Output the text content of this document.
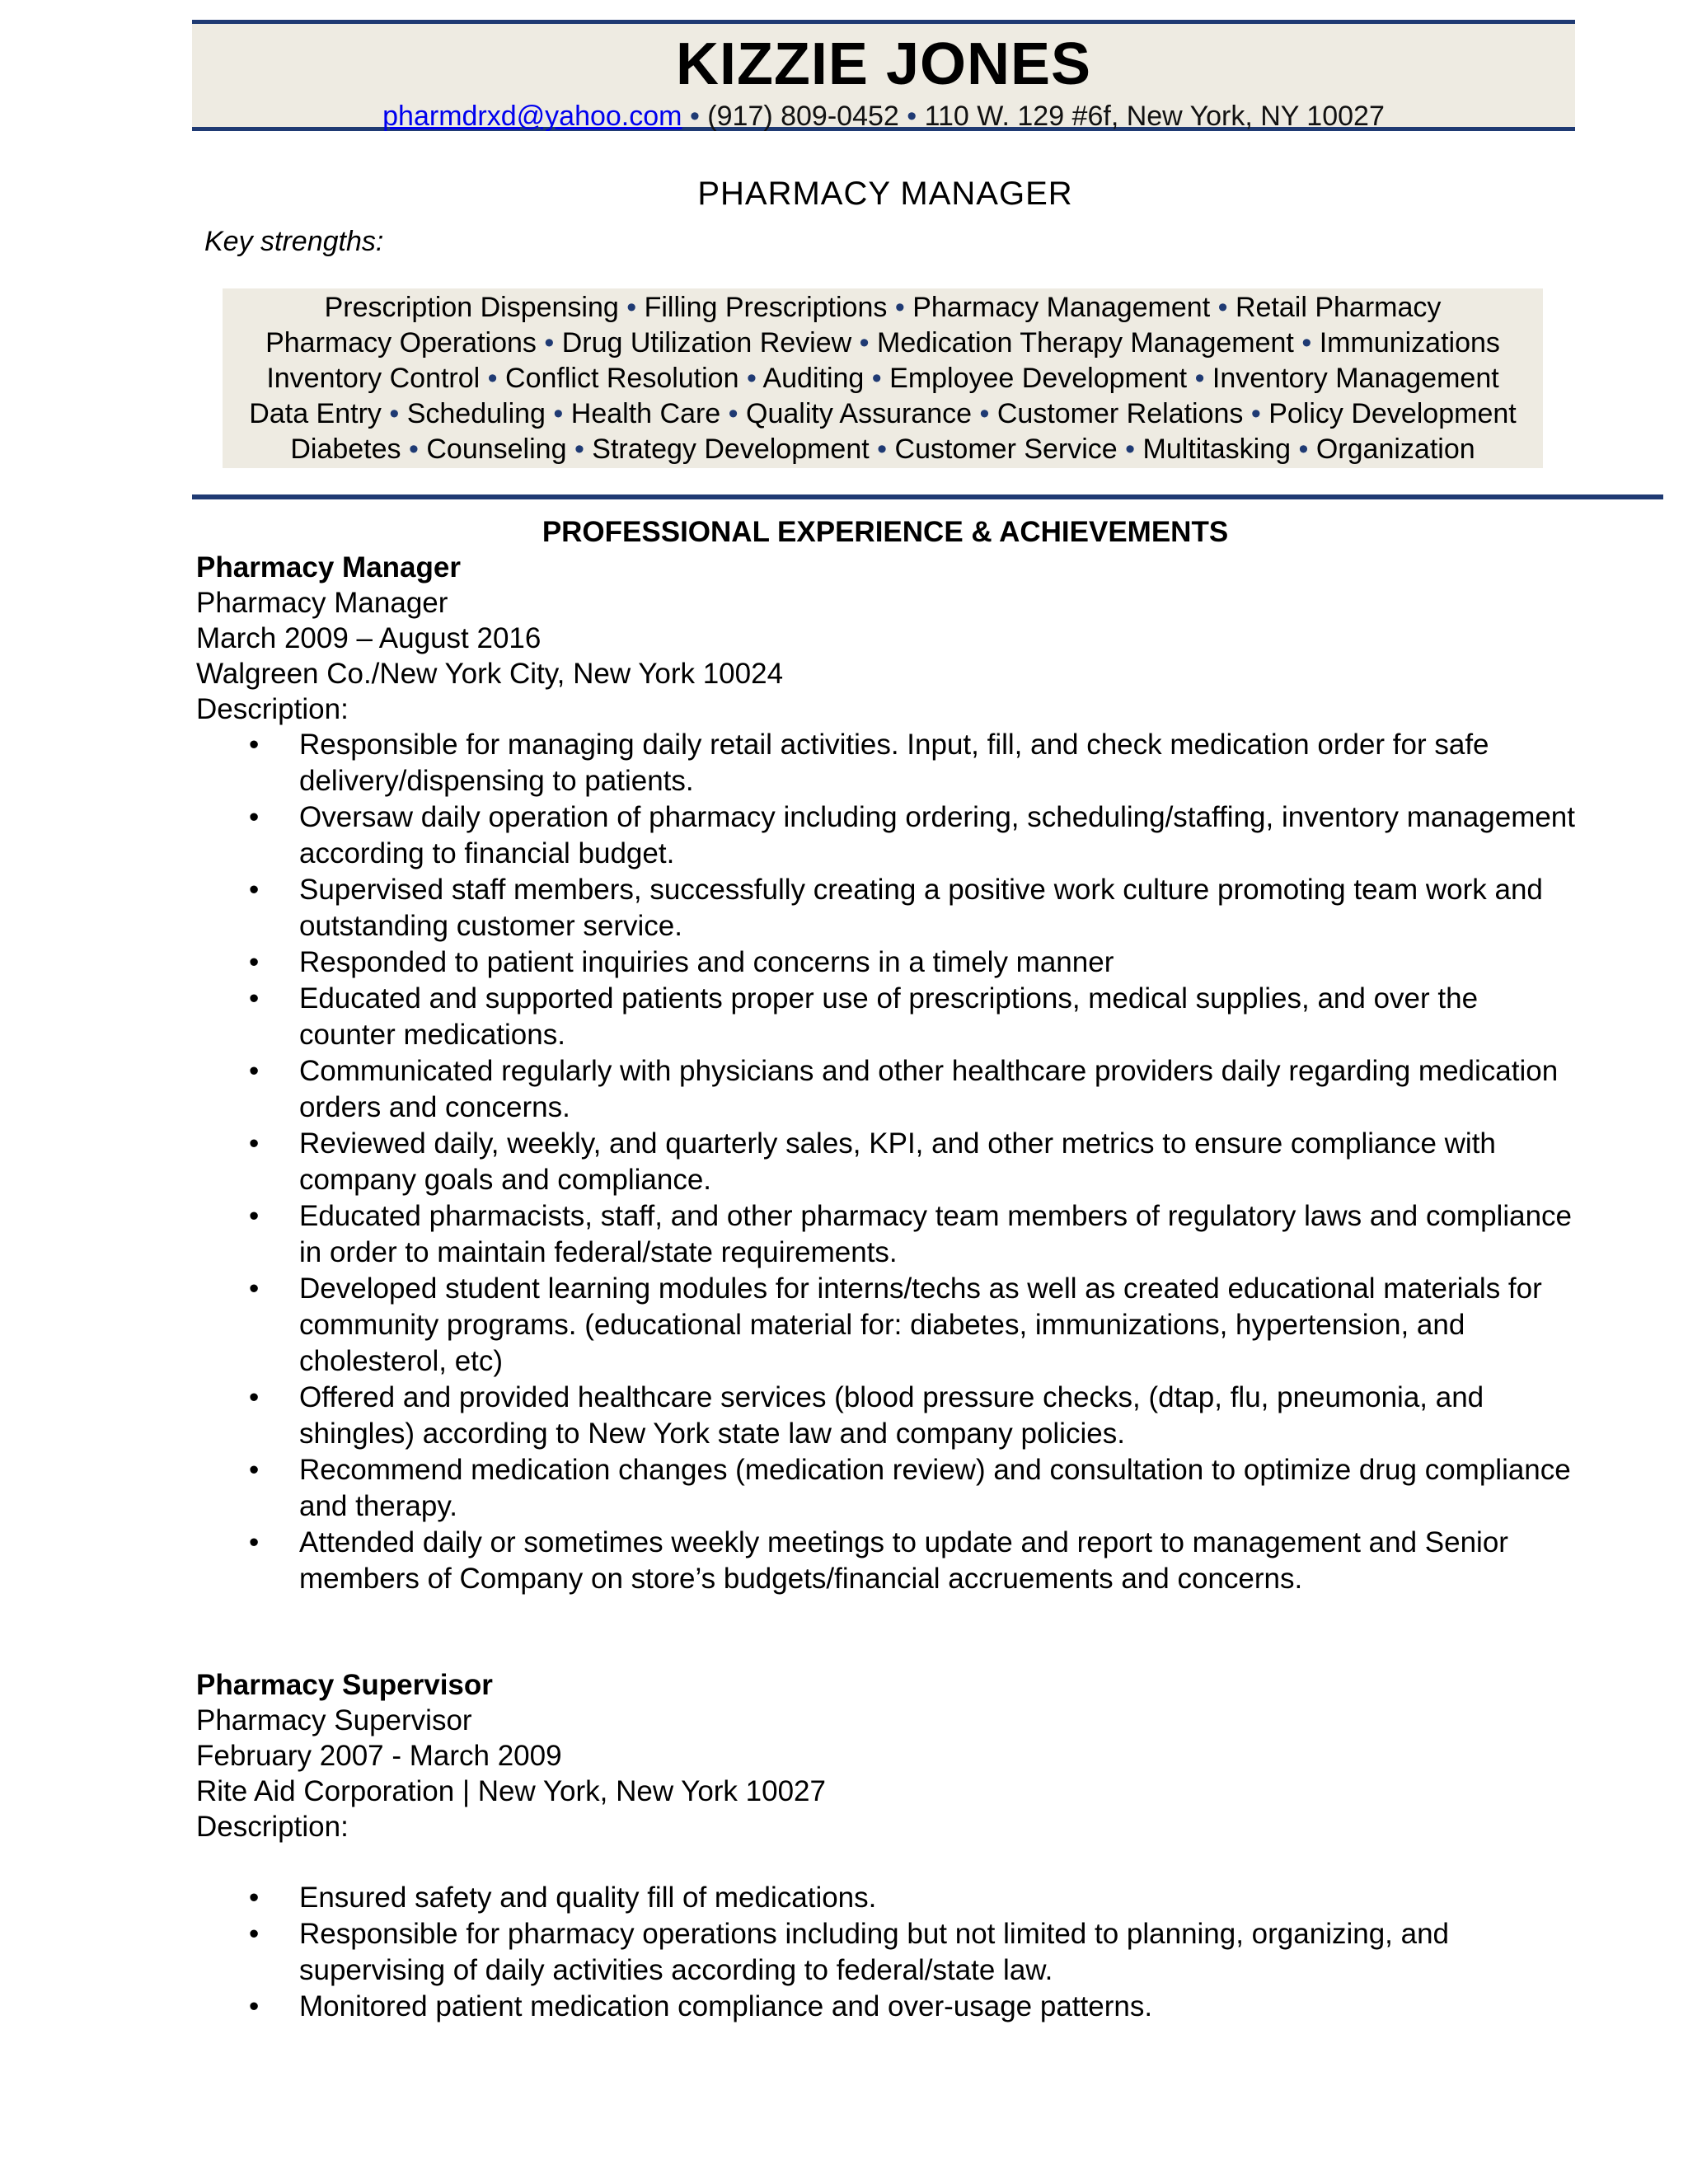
KIZZIE JONES
pharmdrxd@yahoo.com • (917) 809-0452 • 110 W. 129 #6f, New York, NY 10027
PHARMACY MANAGER
Key strengths:
Prescription Dispensing • Filling Prescriptions • Pharmacy Management • Retail Pharmacy
Pharmacy Operations • Drug Utilization Review • Medication Therapy Management • Immunizations
Inventory Control • Conflict Resolution • Auditing • Employee Development • Inventory Management
Data Entry • Scheduling • Health Care • Quality Assurance • Customer Relations • Policy Development
Diabetes • Counseling • Strategy Development • Customer Service • Multitasking • Organization
PROFESSIONAL EXPERIENCE & ACHIEVEMENTS
Pharmacy Manager
Pharmacy Manager
March 2009 – August 2016
Walgreen Co./New York City, New York 10024
Description:
• Responsible for managing daily retail activities. Input, fill, and check medication order for safe delivery/dispensing to patients.
• Oversaw daily operation of pharmacy including ordering, scheduling/staffing, inventory management according to financial budget.
• Supervised staff members, successfully creating a positive work culture promoting team work and outstanding customer service.
• Responded to patient inquiries and concerns in a timely manner
• Educated and supported patients proper use of prescriptions, medical supplies, and over the counter medications.
• Communicated regularly with physicians and other healthcare providers daily regarding medication orders and concerns.
• Reviewed daily, weekly, and quarterly sales, KPI, and other metrics to ensure compliance with company goals and compliance.
• Educated pharmacists, staff, and other pharmacy team members of regulatory laws and compliance in order to maintain federal/state requirements.
• Developed student learning modules for interns/techs as well as created educational materials for community programs. (educational material for: diabetes, immunizations, hypertension, and cholesterol, etc)
• Offered and provided healthcare services (blood pressure checks, (dtap, flu, pneumonia, and shingles) according to New York state law and company policies.
• Recommend medication changes (medication review) and consultation to optimize drug compliance and therapy.
• Attended daily or sometimes weekly meetings to update and report to management and Senior members of Company on store’s budgets/financial accruements and concerns.
Pharmacy Supervisor
Pharmacy Supervisor
February 2007 - March 2009
Rite Aid Corporation | New York, New York 10027
Description:
• Ensured safety and quality fill of medications.
• Responsible for pharmacy operations including but not limited to planning, organizing, and supervising of daily activities according to federal/state law.
• Monitored patient medication compliance and over-usage patterns.
